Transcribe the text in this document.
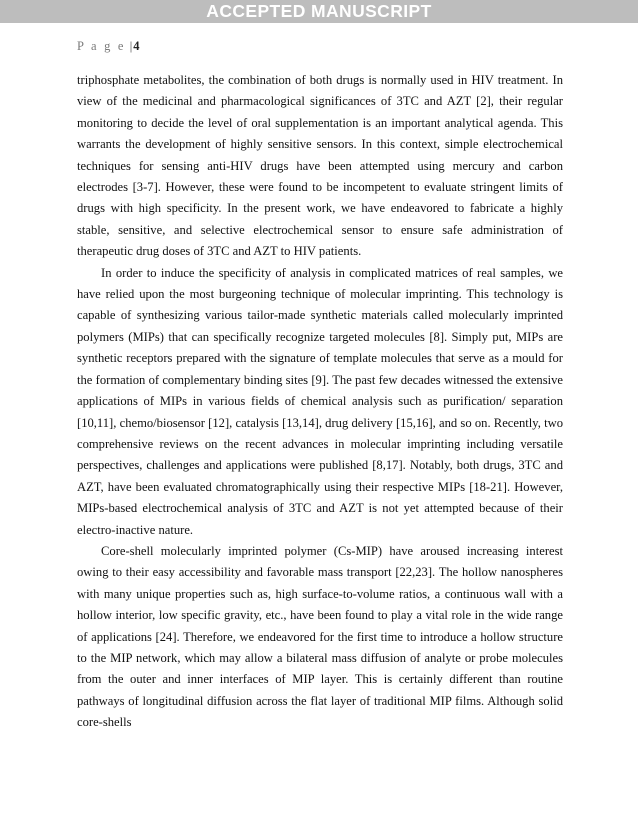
ACCEPTED MANUSCRIPT
P a g e |4

triphosphate metabolites, the combination of both drugs is normally used in HIV treatment. In view of the medicinal and pharmacological significances of 3TC and AZT [2], their regular monitoring to decide the level of oral supplementation is an important analytical agenda. This warrants the development of highly sensitive sensors. In this context, simple electrochemical techniques for sensing anti-HIV drugs have been attempted using mercury and carbon electrodes [3-7]. However, these were found to be incompetent to evaluate stringent limits of drugs with high specificity. In the present work, we have endeavored to fabricate a highly stable, sensitive, and selective electrochemical sensor to ensure safe administration of therapeutic drug doses of 3TC and AZT to HIV patients.

In order to induce the specificity of analysis in complicated matrices of real samples, we have relied upon the most burgeoning technique of molecular imprinting. This technology is capable of synthesizing various tailor-made synthetic materials called molecularly imprinted polymers (MIPs) that can specifically recognize targeted molecules [8]. Simply put, MIPs are synthetic receptors prepared with the signature of template molecules that serve as a mould for the formation of complementary binding sites [9]. The past few decades witnessed the extensive applications of MIPs in various fields of chemical analysis such as purification/ separation [10,11], chemo/biosensor [12], catalysis [13,14], drug delivery [15,16], and so on. Recently, two comprehensive reviews on the recent advances in molecular imprinting including versatile perspectives, challenges and applications were published [8,17]. Notably, both drugs, 3TC and AZT, have been evaluated chromatographically using their respective MIPs [18-21]. However, MIPs-based electrochemical analysis of 3TC and AZT is not yet attempted because of their electro-inactive nature.

Core-shell molecularly imprinted polymer (Cs-MIP) have aroused increasing interest owing to their easy accessibility and favorable mass transport [22,23]. The hollow nanospheres with many unique properties such as, high surface-to-volume ratios, a continuous wall with a hollow interior, low specific gravity, etc., have been found to play a vital role in the wide range of applications [24]. Therefore, we endeavored for the first time to introduce a hollow structure to the MIP network, which may allow a bilateral mass diffusion of analyte or probe molecules from the outer and inner interfaces of MIP layer. This is certainly different than routine pathways of longitudinal diffusion across the flat layer of traditional MIP films. Although solid core-shells
